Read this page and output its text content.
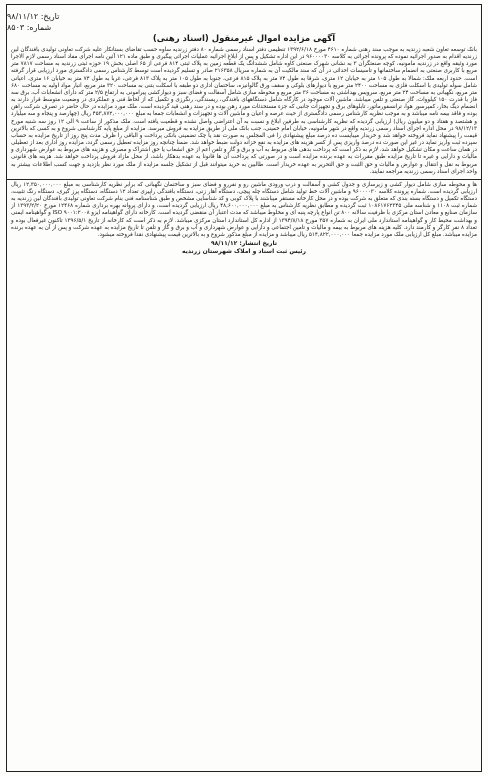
تاریخ: ۹۸/۱۱/۱۲
شماره: ۸۵۰۳
آگهی مزایده اموال غیرمنقول (اسناد رهنی)
بانک توسعه تعاون شعبه زرندیه به موجب سند رهنی شماره ۴۶۱۰ مورخ ۱۳۹۲/۶/۱۸ تنظیمی دفتر اسناد رسمی شماره ۸۰ دفتر زرندیه ساوه حسب تقاضای بستانکار علیه شرکت تعاونی تولیدی بافندگان لین زرندیه اقدام به صدور اجرائیه نموده که پرونده اجرائی به کلاسه ۹۶۰۰۰۰۳۰ در این اداره تشکیل و پس از ابلاغ اجرائیه عملیات اجرائی پیگیری و طبق ماده ۱۲۱ آئین نامه اجرای مفاد اسناد رسمی لازم الاجرا مورد وثیقه واقع در زرندیه مامونیه، کوچه صنعتگران ۳ به نشانی شهرک صنعتی کاوه شامل ششدانگ یک قطعه زمین به پلاک ثبتی ۸۱۴ فرعی از ۶۵ اصلی بخش ۱۹ حوزه ثبتی زرندیه به مساحت ۷۸۱۷ متر مربع با کاربری صنعتی به انضمام ساختمانها و تاسیسات احداثی در آن که سند مالکیت آن به شماره سریال ۲۱۶۳۵۸ صادر و تسلیم گردیده است توسط کارشناس رسمی دادگستری مورد ارزیابی قرار گرفته است. حدود اربعه ملک: شمالا به طول ۱۰۵ متر به خیابان ۱۲ متری، شرقا به طول ۷۴ متر به پلاک ۸۱۵ فرعی، جنوبا به طول ۱۰۵ متر به پلاک ۸۱۳ فرعی، غربا به طول ۷۴ متر به خیابان ۱۶ متری. اعیانی شامل سوله تولیدی با اسکلت فلزی به مساحت ۲۴۰۰ متر مربع با دیوارهای بلوکی و سقف ورق گالوانیزه، ساختمان اداری دو طبقه با اسکلت بتنی به مساحت ۳۲۰ متر مربع، انبار مواد اولیه به مساحت ۶۸۰ متر مربع، نگهبانی به مساحت ۲۴ متر مربع، سرویس بهداشتی به مساحت ۳۶ متر مربع و محوطه سازی شامل آسفالت و فضای سبز و دیوارکشی پیرامونی به ارتفاع ۲/۵ متر که دارای انشعابات آب، برق سه فاز با قدرت ۱۵۰ کیلووات، گاز صنعتی و تلفن میباشد. ماشین آلات موجود در کارگاه شامل دستگاههای بافندگی، ریسندگی، رنگرزی و تکمیل که از لحاظ فنی و عملکردی در وضعیت متوسط قرار دارند به انضمام دیگ بخار، کمپرسور هوا، ترانسفورماتور، تابلوهای برق و تجهیزات جانبی که جزء مستحدثات مورد رهن بوده و در سند رهنی قید گردیده است. ملک مورد مزایده در حال حاضر در تصرف شرکت راهن بوده و فاقد بیمه نامه میباشد و به موجب نظریه کارشناس رسمی دادگستری از حیث عرصه و اعیان و ماشین آلات و تجهیزات و انشعابات جمعا به مبلغ ۴۵۳,۸۷۲,۰۰۰,۰۰۰ ریال (چهارصد و پنجاه و سه میلیارد و هشتصد و هفتاد و دو میلیون ریال) ارزیابی گردیده که نظریه کارشناسی به طرفین ابلاغ و نسبت به آن اعتراضی واصل نشده و قطعیت یافته است. ملک مذکور از ساعت ۹ الی ۱۲ روز سه شنبه مورخ ۹۸/۱۲/۱۳ در محل اداره اجرای اسناد رسمی زرندیه واقع در شهر مامونیه، خیابان امام خمینی، جنب بانک ملی از طریق مزایده به فروش میرسد. مزایده از مبلغ پایه کارشناسی شروع و به کسی که بالاترین قیمت را پیشنهاد نماید فروخته خواهد شد و خریدار میبایست ده درصد مبلغ پیشنهادی را فی المجلس به صورت نقد یا چک تضمینی بانکی پرداخت و الباقی را ظرف مدت پنج روز از تاریخ مزایده به حساب سپرده ثبت واریز نماید در غیر این صورت ده درصد واریزی پس از کسر هزینه های مزایده به نفع خزانه دولت ضبط خواهد شد. ضمنا چنانچه روز مزایده تعطیل رسمی گردد، مزایده روز اداری بعد از تعطیلی در همان ساعت و مکان تشکیل خواهد شد. لازم به ذکر است که پرداخت بدهی های مربوط به آب و برق و گاز و تلفن اعم از حق انشعاب یا حق اشتراک و مصرف و هزینه های مربوط به عوارض شهرداری و مالیات و دارایی و غیره تا تاریخ مزایده طبق مقررات به عهده برنده مزایده است و در صورتی که پرداخت آن ها قانونا به عهده بدهکار باشد، از محل مازاد فروش پرداخت خواهد شد. هزینه های قانونی مربوط به نقل و انتقال و عوارض و مالیات و حق الثبت و حق التحریر به عهده خریدار است. طالبین به خرید میتوانند قبل از تشکیل جلسه مزایده از ملک مورد نظر بازدید و جهت کسب اطلاعات بیشتر به واحد اجرای اسناد رسمی زرندیه مراجعه نمایند.
ها و محوطه سازی شامل دیوار کشی و زیرسازی و جدول کشی و آسفالت و درب ورودی ماشین رو و نفررو و فضای سبز و ساختمان نگهبانی که برابر نظریه کارشناسی به مبلغ ۱۲,۳۵۰,۰۰۰,۰۰۰ ریال ارزیابی گردیده است. شماره پرونده کلاسه ۹۶۰۰۰۰۳۰ و ماشین آلات خط تولید شامل دستگاه چله پیچی، دستگاه آهار زنی، دستگاه بافندگی راپیری تعداد ۱۲ دستگاه، دستگاه پرز گیری، دستگاه رنگ تثبیت، دستگاه تکمیل و دستگاه بسته بندی که متعلق به شرکت بوده و در محل کارخانه مستقر میباشند با پلاک کوبی و کد شناسایی مشخص و طبق شناسنامه فنی بنام شرکت تعاونی تولیدی بافندگان لین زرندیه به شماره ثبت ۱۱۰۸ و شناسه ملی ۱۰۸۶۱۷۶۲۳۴۵ ثبت گردیده و مطابق نظریه کارشناس به مبلغ ۴۸,۶۰۰,۰۰۰,۰۰۰ ریال ارزیابی گردیده است، و دارای پروانه بهره برداری شماره ۱۲۴۶۸ مورخ ۱۳۹۳/۲/۲۰ از سازمان صنایع و معادن استان مرکزی با ظرفیت سالانه ۸۰۰ تن انواع پارچه پنبه ای و مخلوط میباشد که مدت اعتبار آن منقضی گردیده است. کارخانه دارای گواهینامه ایزو ISO ۹۰۰۱:۲۰۰۸ و گواهینامه ایمنی و بهداشت محیط کار و گواهینامه استاندارد ملی ایران به شماره ۳۵۷ مورخ ۱۳۹۴/۸/۱۸ از اداره کل استاندارد استان مرکزی میباشد. لازم به ذکر است که کارخانه از تاریخ ۱۳۹۶/۵/۱ تاکنون غیرفعال بوده و تعداد ۸ نفر کارگر و کارمند دارد. کلیه هزینه های مربوط به بیمه و مالیات و تامین اجتماعی و دارایی و عوارض شهرداری و آب و برق و گاز و تلفن تا تاریخ مزایده به عهده شرکت و پس از آن به عهده برنده مزایده میباشد. مبلغ کل ارزیابی ملک مورد مزایده جمعا ۵۱۴,۸۲۲,۰۰۰,۰۰۰ ریال میباشد و مزایده از مبلغ مذکور شروع و به بالاترین قیمت پیشنهادی نقدا فروخته میشود.
تاریخ انتشار: ۹۸/۱۱/۱۲
رئیس ثبت اسناد و املاک شهرستان زرندیه
